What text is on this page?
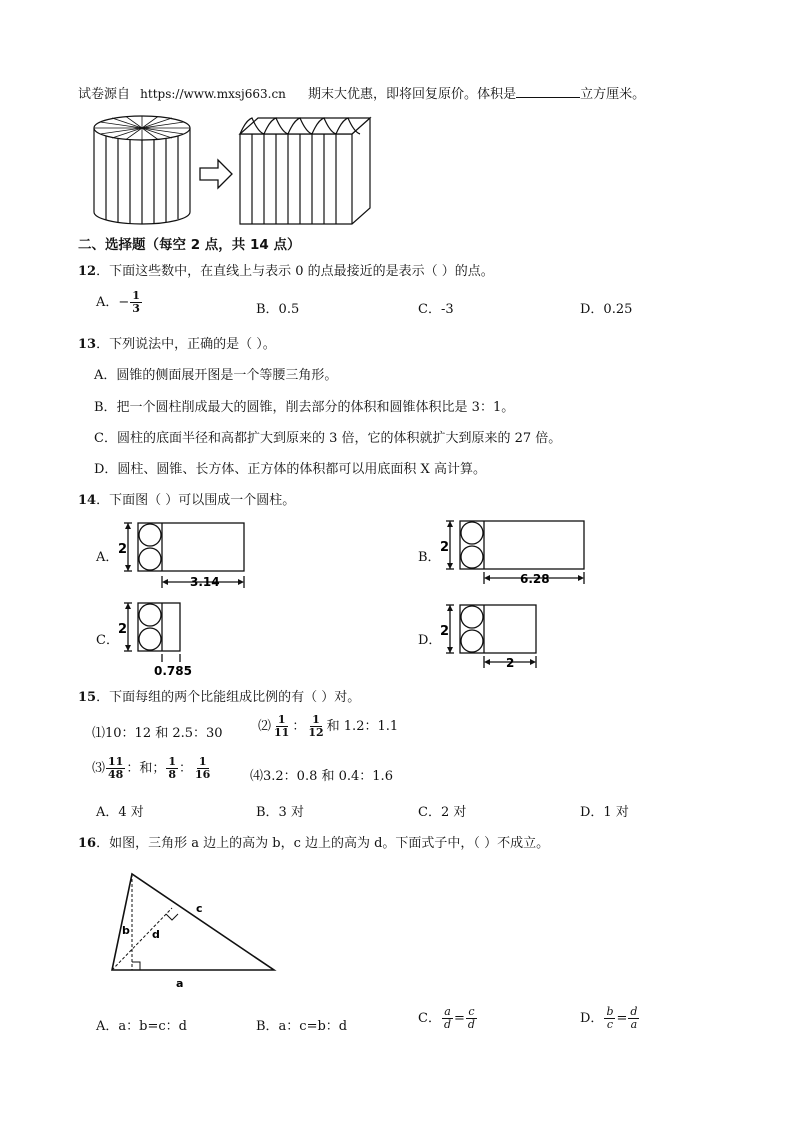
试卷源自 https://www.mxsj663.cn 期末大优惠，即将回复原价。体积是	立方厘米。
二、选择题（每空 2 点，共 14 点）
12．下面这些数中，在直线上与表示 0 的点最接近的是表示（ ）的点。
A．− $\frac{1}{3}$	B．0.5	C．-3	D．0.25
13．下列说法中，正确的是（ ）。
A．圆锥的侧面展开图是一个等腰三角形。
B．把一个圆柱削成最大的圆锥，削去部分的体积和圆锥体积比是 3：1。
C．圆柱的底面半径和高都扩大到原来的 3 倍，它的体积就扩大到原来的 27 倍。
D．圆柱、圆锥、长方体、正方体的体积都可以用底面积 X 高计算。
14．下面图（ ）可以围成一个圆柱。
A．
2
3.14
B．
2
6.28
C．
2
0.785
D．
2
2
15．下面每组的两个比能组成比例的有（ ）对。
⑴10：12 和 2.5：30	⑵ $\frac{1}{11}$ ： $\frac{1}{12}$ 和 1.2：1.1
⑶ $\frac{11}{48}$ ：和； $\frac{1}{8}$ ： $\frac{1}{16}$	⑷3.2：0.8 和 0.4：1.6
A．4 对	B．3 对	C．2 对	D．1 对
16．如图，三角形 a 边上的高为 b，c 边上的高为 d。下面式子中，（ ）不成立。
a
b
c
d
A．a：b=c：d	B．a：c=b：d
C． $\frac{a}{d} = \frac{c}{d}$	D． $\frac{b}{c} = \frac{d}{a}$
